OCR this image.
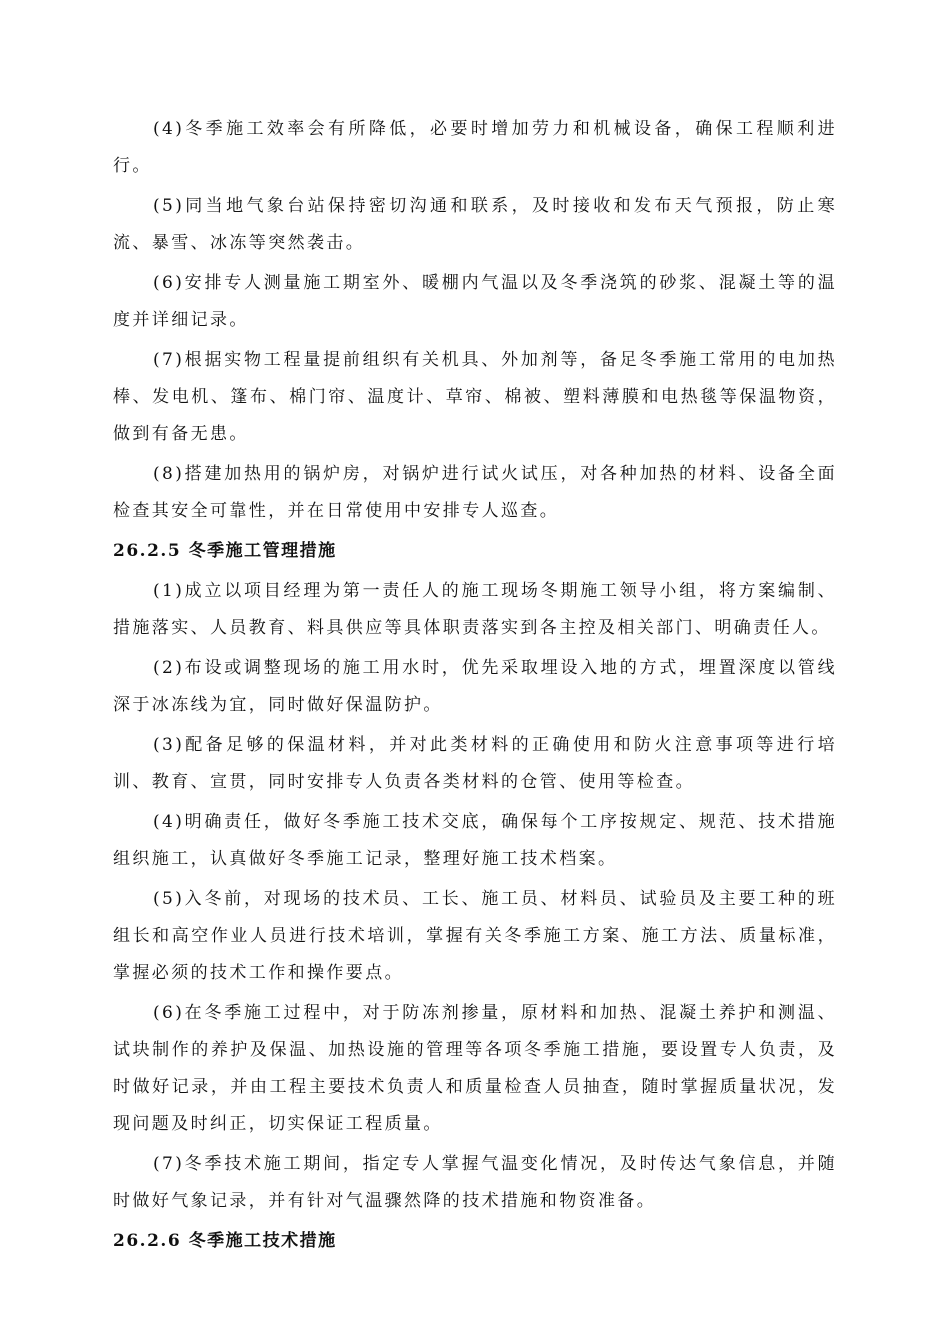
(4)冬季施工效率会有所降低，必要时增加劳力和机械设备，确保工程顺利进行。

(5)同当地气象台站保持密切沟通和联系，及时接收和发布天气预报，防止寒流、暴雪、冰冻等突然袭击。

(6)安排专人测量施工期室外、暖棚内气温以及冬季浇筑的砂浆、混凝土等的温度并详细记录。

(7)根据实物工程量提前组织有关机具、外加剂等，备足冬季施工常用的电加热棒、发电机、篷布、棉门帘、温度计、草帘、棉被、塑料薄膜和电热毯等保温物资，做到有备无患。

(8)搭建加热用的锅炉房，对锅炉进行试火试压，对各种加热的材料、设备全面检查其安全可靠性，并在日常使用中安排专人巡查。

26.2.5 冬季施工管理措施

(1)成立以项目经理为第一责任人的施工现场冬期施工领导小组，将方案编制、措施落实、人员教育、料具供应等具体职责落实到各主控及相关部门、明确责任人。

(2)布设或调整现场的施工用水时，优先采取埋设入地的方式，埋置深度以管线深于冰冻线为宜，同时做好保温防护。

(3)配备足够的保温材料，并对此类材料的正确使用和防火注意事项等进行培训、教育、宣贯，同时安排专人负责各类材料的仓管、使用等检查。

(4)明确责任，做好冬季施工技术交底，确保每个工序按规定、规范、技术措施组织施工，认真做好冬季施工记录，整理好施工技术档案。

(5)入冬前，对现场的技术员、工长、施工员、材料员、试验员及主要工种的班组长和高空作业人员进行技术培训，掌握有关冬季施工方案、施工方法、质量标准，掌握必须的技术工作和操作要点。

(6)在冬季施工过程中，对于防冻剂掺量，原材料和加热、混凝土养护和测温、试块制作的养护及保温、加热设施的管理等各项冬季施工措施，要设置专人负责，及时做好记录，并由工程主要技术负责人和质量检查人员抽查，随时掌握质量状况，发现问题及时纠正，切实保证工程质量。

(7)冬季技术施工期间，指定专人掌握气温变化情况，及时传达气象信息，并随时做好气象记录，并有针对气温骤然降的技术措施和物资准备。

26.2.6 冬季施工技术措施
